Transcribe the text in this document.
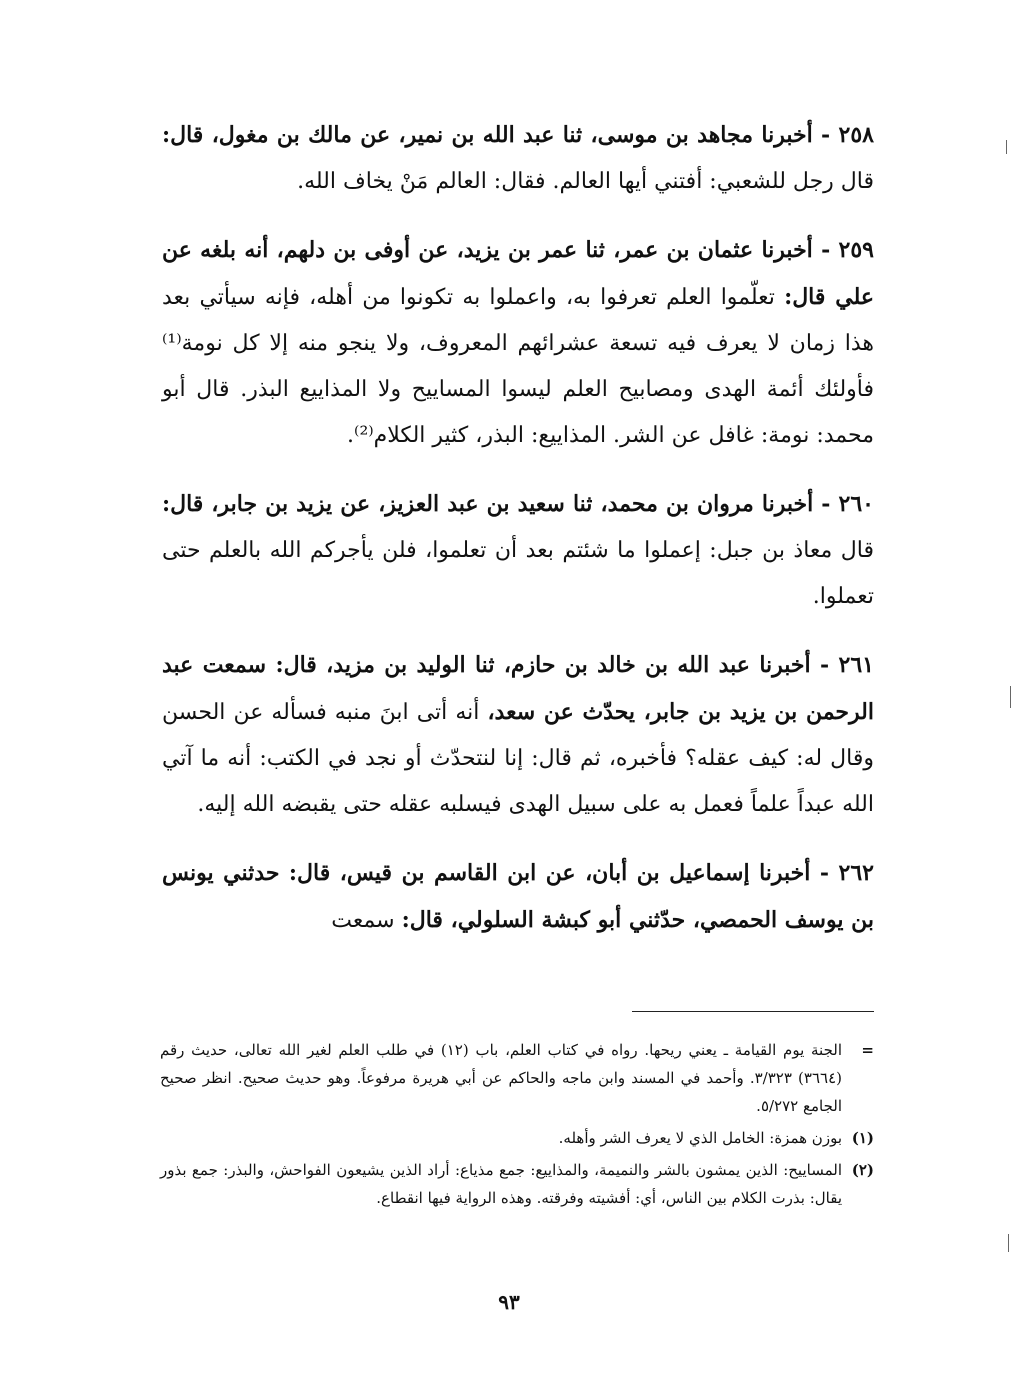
٢٥٨ - أخبرنا مجاهد بن موسى، ثنا عبد الله بن نمير، عن مالك بن مغول، قال: قال رجل للشعبي: أفتني أيها العالم. فقال: العالم مَنْ يخاف الله.

٢٥٩ - أخبرنا عثمان بن عمر، ثنا عمر بن يزيد، عن أوفى بن دلهم، أنه بلغه عن علي قال: تعلّموا العلم تعرفوا به، واعملوا به تكونوا من أهله، فإنه سيأتي بعد هذا زمان لا يعرف فيه تسعة عشرائهم المعروف، ولا ينجو منه إلا كل نومة⁽¹⁾ فأولئك أئمة الهدى ومصابيح العلم ليسوا المساييح ولا المذاييع البذر. قال أبو محمد: نومة: غافل عن الشر. المذاييع: البذر، كثير الكلام⁽²⁾.

٢٦٠ - أخبرنا مروان بن محمد، ثنا سعيد بن عبد العزيز، عن يزيد بن جابر، قال: قال معاذ بن جبل: إعملوا ما شئتم بعد أن تعلموا، فلن يأجركم الله بالعلم حتى تعملوا.

٢٦١ - أخبرنا عبد الله بن خالد بن حازم، ثنا الوليد بن مزيد، قال: سمعت عبد الرحمن بن يزيد بن جابر، يحدّث عن سعد، أنه أتى ابنَ منبه فسأله عن الحسن وقال له: كيف عقله؟ فأخبره، ثم قال: إنا لنتحدّث أو نجد في الكتب: أنه ما آتي الله عبداً علماً فعمل به على سبيل الهدى فيسلبه عقله حتى يقبضه الله إليه.

٢٦٢ - أخبرنا إسماعيل بن أبان، عن ابن القاسم بن قيس، قال: حدثني يونس بن يوسف الحمصي، حدّثني أبو كبشة السلولي، قال: سمعت

=
الجنة يوم القيامة ـ يعني ريحها. رواه في كتاب العلم، باب (١٢) في طلب العلم لغير الله تعالى، حديث رقم (٣٦٦٤) ٣/٣٢٣. وأحمد في المسند وابن ماجه والحاكم عن أبي هريرة مرفوعاً. وهو حديث صحيح. انظر صحيح الجامع ٥/٢٧٢.
(١)
بوزن همزة: الخامل الذي لا يعرف الشر وأهله.
(٢)
المساييح: الذين يمشون بالشر والنميمة، والمذاييع: جمع مذياع: أراد الذين يشيعون الفواحش، والبذر: جمع بذور يقال: بذرت الكلام بين الناس، أي: أفشيته وفرقته. وهذه الرواية فيها انقطاع.
٩٣
